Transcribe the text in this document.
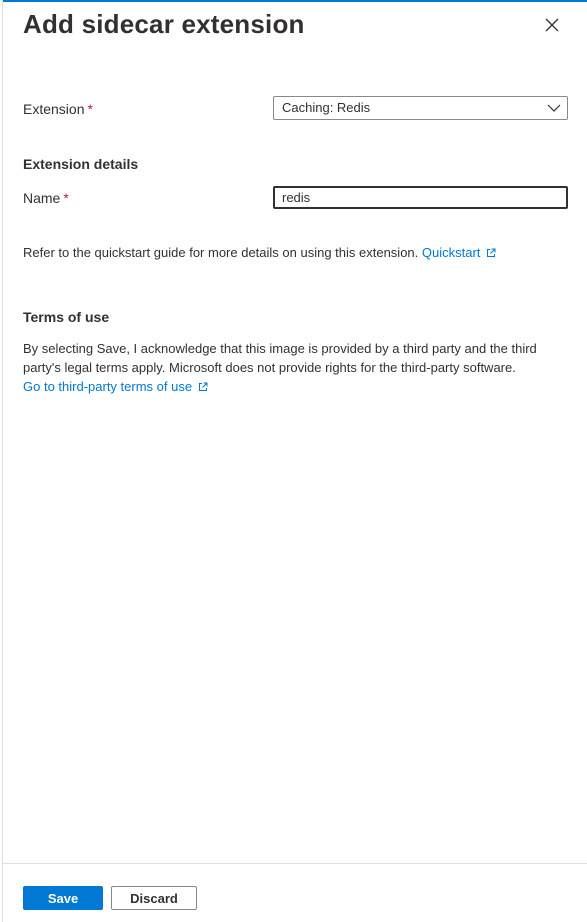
Add sidecar extension
Extension *	Caching: Redis
Extension details
Name *
redis
Refer to the quickstart guide for more details on using this extension. Quickstart
Terms of use
By selecting Save, I acknowledge that this image is provided by a third party and the third party's legal terms apply. Microsoft does not provide rights for the third-party software.
Go to third-party terms of use
Save	Discard
